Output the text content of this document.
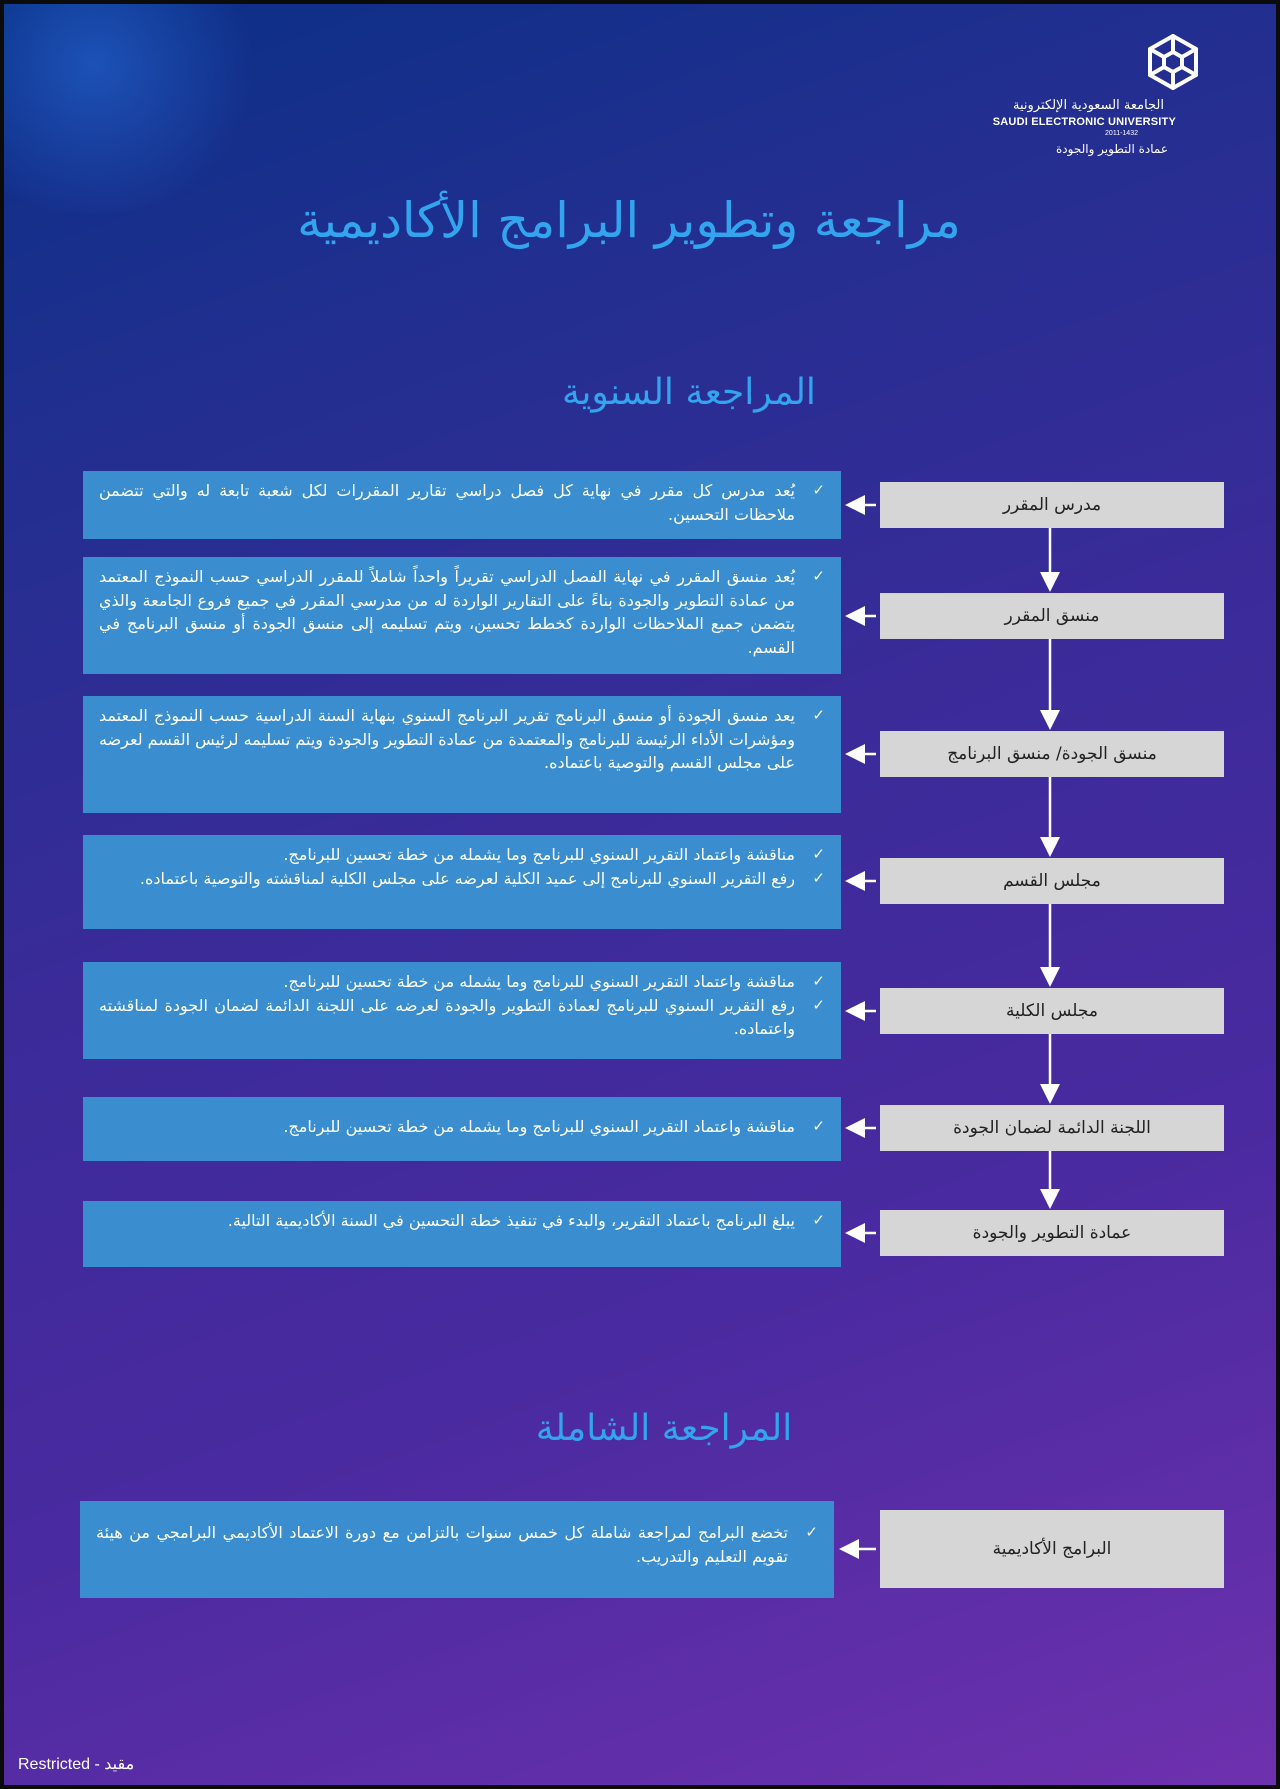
الجامعة السعودية الإلكترونية
SAUDI ELECTRONIC UNIVERSITY
2011-1432
عمادة التطوير والجودة
مراجعة وتطوير البرامج الأكاديمية
المراجعة السنوية
المراجعة الشاملة
مدرس المقرر
✓ يُعد مدرس كل مقرر في نهاية كل فصل دراسي تقارير المقررات لكل شعبة تابعة له والتي تتضمن ملاحظات التحسين.
منسق المقرر
✓ يُعد منسق المقرر في نهاية الفصل الدراسي تقريراً واحداً شاملاً للمقرر الدراسي حسب النموذج المعتمد من عمادة التطوير والجودة بناءً على التقارير الواردة له من مدرسي المقرر في جميع فروع الجامعة والذي يتضمن جميع الملاحظات الواردة كخطط تحسين، ويتم تسليمه إلى منسق الجودة أو منسق البرنامج في القسم.
منسق الجودة/ منسق البرنامج
✓ يعد منسق الجودة أو منسق البرنامج تقرير البرنامج السنوي بنهاية السنة الدراسية حسب النموذج المعتمد ومؤشرات الأداء الرئيسة للبرنامج والمعتمدة من عمادة التطوير والجودة ويتم تسليمه لرئيس القسم لعرضه على مجلس القسم والتوصية باعتماده.
مجلس القسم
✓ مناقشة واعتماد التقرير السنوي للبرنامج وما يشمله من خطة تحسين للبرنامج.
✓ رفع التقرير السنوي للبرنامج إلى عميد الكلية لعرضه على مجلس الكلية لمناقشته والتوصية باعتماده.
مجلس الكلية
✓ مناقشة واعتماد التقرير السنوي للبرنامج وما يشمله من خطة تحسين للبرنامج.
✓ رفع التقرير السنوي للبرنامج لعمادة التطوير والجودة لعرضه على اللجنة الدائمة لضمان الجودة لمناقشته واعتماده.
اللجنة الدائمة لضمان الجودة
✓ مناقشة واعتماد التقرير السنوي للبرنامج وما يشمله من خطة تحسين للبرنامج.
عمادة التطوير والجودة
✓ يبلغ البرنامج باعتماد التقرير، والبدء في تنفيذ خطة التحسين في السنة الأكاديمية التالية.
البرامج الأكاديمية
✓ تخضع البرامج لمراجعة شاملة كل خمس سنوات بالتزامن مع دورة الاعتماد الأكاديمي البرامجي من هيئة تقويم التعليم والتدريب.
Restricted - مقيد
